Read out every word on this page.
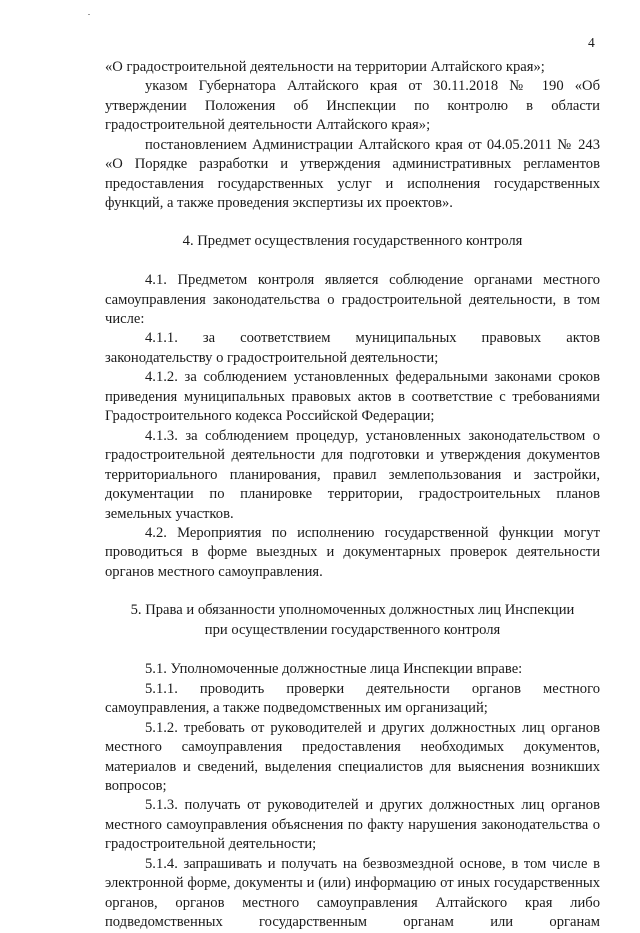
4

«О градостроительной деятельности на территории Алтайского края»;

указом Губернатора Алтайского края от 30.11.2018 № 190 «Об утверждении Положения об Инспекции по контролю в области градостроительной деятельности Алтайского края»;

постановлением Администрации Алтайского края от 04.05.2011 № 243 «О Порядке разработки и утверждения административных регламентов предоставления государственных услуг и исполнения государственных функций, а также проведения экспертизы их проектов».

4. Предмет осуществления государственного контроля

4.1. Предметом контроля является соблюдение органами местного самоуправления законодательства о градостроительной деятельности, в том числе:

4.1.1. за соответствием муниципальных правовых актов законодательству о градостроительной деятельности;

4.1.2. за соблюдением установленных федеральными законами сроков приведения муниципальных правовых актов в соответствие с требованиями Градостроительного кодекса Российской Федерации;

4.1.3. за соблюдением процедур, установленных законодательством о градостроительной деятельности для подготовки и утверждения документов территориального планирования, правил землепользования и застройки, документации по планировке территории, градостроительных планов земельных участков.

4.2. Мероприятия по исполнению государственной функции могут проводиться в форме выездных и документарных проверок деятельности органов местного самоуправления.

5. Права и обязанности уполномоченных должностных лиц Инспекции
при осуществлении государственного контроля

5.1. Уполномоченные должностные лица Инспекции вправе:

5.1.1. проводить проверки деятельности органов местного самоуправления, а также подведомственных им организаций;

5.1.2. требовать от руководителей и других должностных лиц органов местного самоуправления предоставления необходимых документов, материалов и сведений, выделения специалистов для выяснения возникших вопросов;

5.1.3. получать от руководителей и других должностных лиц органов местного самоуправления объяснения по факту нарушения законодательства о градостроительной деятельности;

5.1.4. запрашивать и получать на безвозмездной основе, в том числе в электронной форме, документы и (или) информацию от иных государственных органов, органов местного самоуправления Алтайского края либо подведомственных государственным органам или органам
